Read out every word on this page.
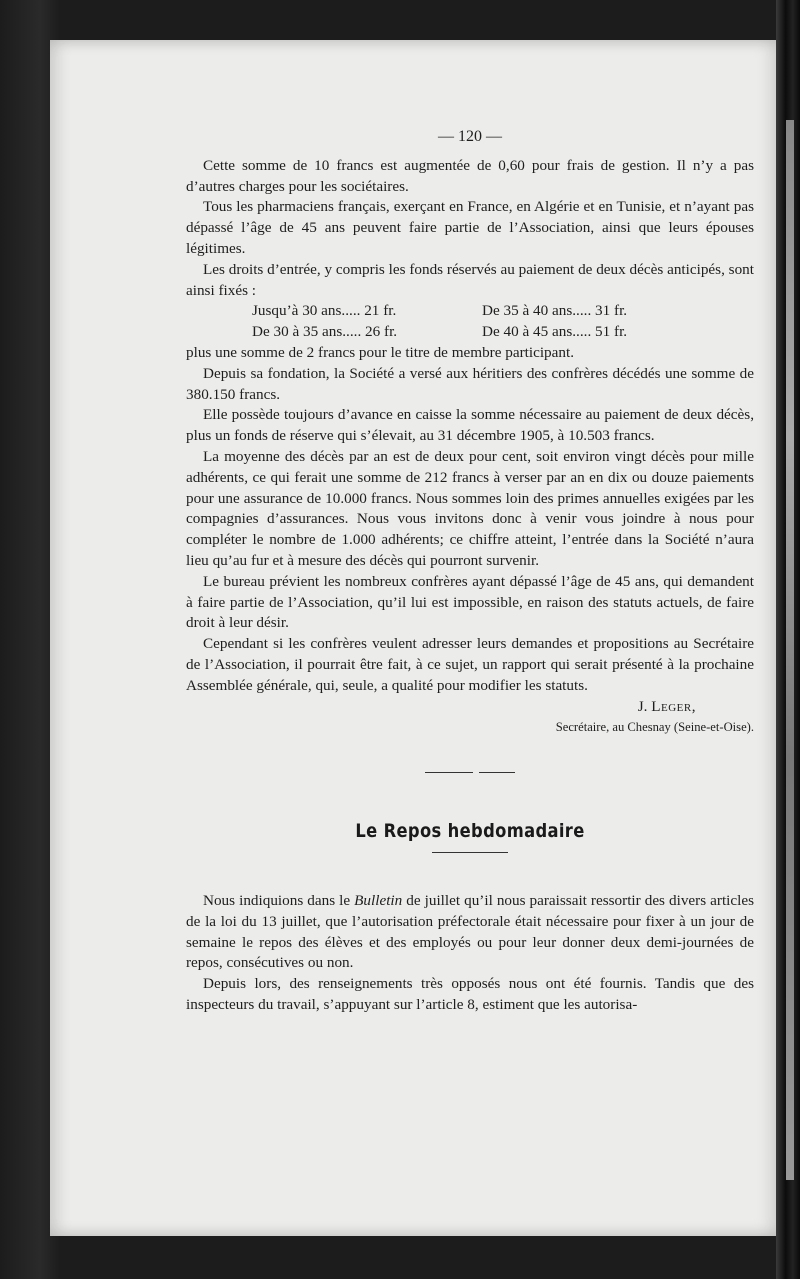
— 120 —

Cette somme de 10 francs est augmentée de 0,60 pour frais de gestion. Il n’y a pas d’autres charges pour les sociétaires.

Tous les pharmaciens français, exerçant en France, en Algérie et en Tunisie, et n’ayant pas dépassé l’âge de 45 ans peuvent faire partie de l’Association, ainsi que leurs épouses légitimes.

Les droits d’entrée, y compris les fonds réservés au paiement de deux décès anticipés, sont ainsi fixés :

Jusqu’à 30 ans..... 21 fr.	De 35 à 40 ans..... 31 fr.
De 30 à 35 ans..... 26 fr.	De 40 à 45 ans..... 51 fr.

plus une somme de 2 francs pour le titre de membre participant.

Depuis sa fondation, la Société a versé aux héritiers des confrères décédés une somme de 380.150 francs.

Elle possède toujours d’avance en caisse la somme nécessaire au paiement de deux décès, plus un fonds de réserve qui s’élevait, au 31 décembre 1905, à 10.503 francs.

La moyenne des décès par an est de deux pour cent, soit environ vingt décès pour mille adhérents, ce qui ferait une somme de 212 francs à verser par an en dix ou douze paiements pour une assurance de 10.000 francs. Nous sommes loin des primes annuelles exigées par les compagnies d’assurances. Nous vous invitons donc à venir vous joindre à nous pour compléter le nombre de 1.000 adhérents; ce chiffre atteint, l’entrée dans la Société n’aura lieu qu’au fur et à mesure des décès qui pourront survenir.

Le bureau prévient les nombreux confrères ayant dépassé l’âge de 45 ans, qui demandent à faire partie de l’Association, qu’il lui est impossible, en raison des statuts actuels, de faire droit à leur désir.

Cependant si les confrères veulent adresser leurs demandes et propositions au Secrétaire de l’Association, il pourrait être fait, à ce sujet, un rapport qui serait présenté à la prochaine Assemblée générale, qui, seule, a qualité pour modifier les statuts.

J. Leger,

Secrétaire, au Chesnay (Seine-et-Oise).

Le Repos hebdomadaire

Nous indiquions dans le Bulletin de juillet qu’il nous paraissait ressortir des divers articles de la loi du 13 juillet, que l’autorisation préfectorale était nécessaire pour fixer à un jour de semaine le repos des élèves et des employés ou pour leur donner deux demi-journées de repos, consécutives ou non.

Depuis lors, des renseignements très opposés nous ont été fournis. Tandis que des inspecteurs du travail, s’appuyant sur l’article 8, estiment que les autorisa-
